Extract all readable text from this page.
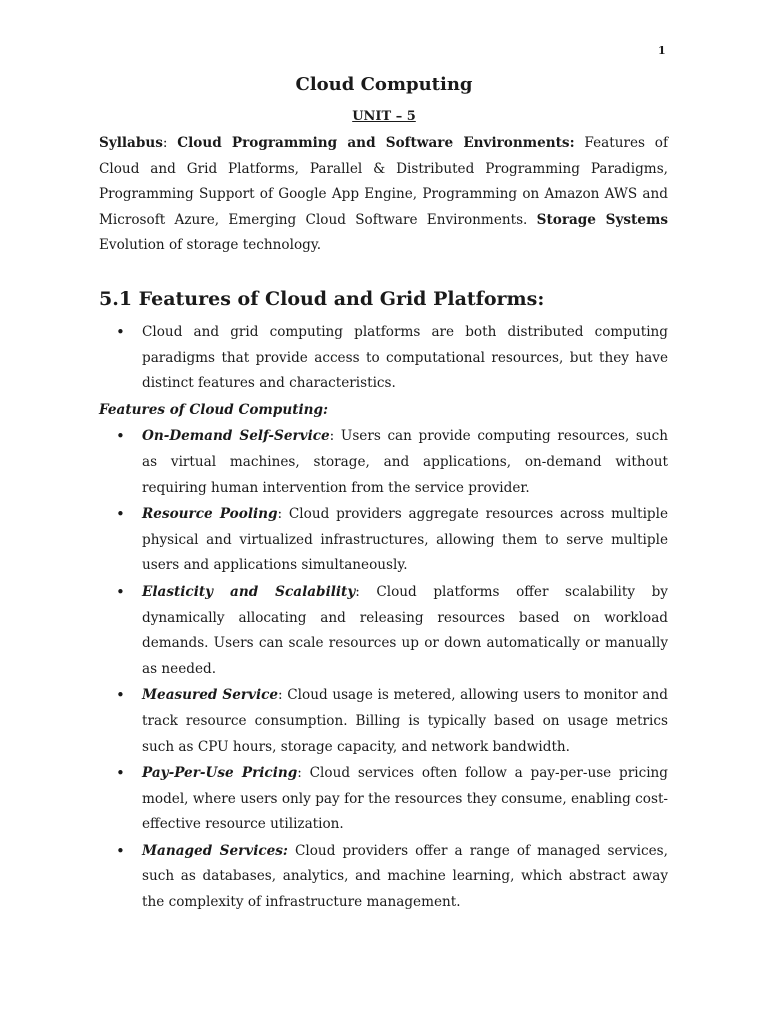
1
Cloud Computing
UNIT – 5

Syllabus: Cloud Programming and Software Environments: Features of Cloud and Grid Platforms, Parallel & Distributed Programming Paradigms, Programming Support of Google App Engine, Programming on Amazon AWS and Microsoft Azure, Emerging Cloud Software Environments. Storage Systems Evolution of storage technology.

5.1 Features of Cloud and Grid Platforms:
• Cloud and grid computing platforms are both distributed computing paradigms that provide access to computational resources, but they have distinct features and characteristics.

Features of Cloud Computing:

• On-Demand Self-Service: Users can provide computing resources, such as virtual machines, storage, and applications, on-demand without requiring human intervention from the service provider.
• Resource Pooling: Cloud providers aggregate resources across multiple physical and virtualized infrastructures, allowing them to serve multiple users and applications simultaneously.
• Elasticity and Scalability: Cloud platforms offer scalability by dynamically allocating and releasing resources based on workload demands. Users can scale resources up or down automatically or manually as needed.
• Measured Service: Cloud usage is metered, allowing users to monitor and track resource consumption. Billing is typically based on usage metrics such as CPU hours, storage capacity, and network bandwidth.
• Pay-Per-Use Pricing: Cloud services often follow a pay-per-use pricing model, where users only pay for the resources they consume, enabling cost-effective resource utilization.
• Managed Services: Cloud providers offer a range of managed services, such as databases, analytics, and machine learning, which abstract away the complexity of infrastructure management.
